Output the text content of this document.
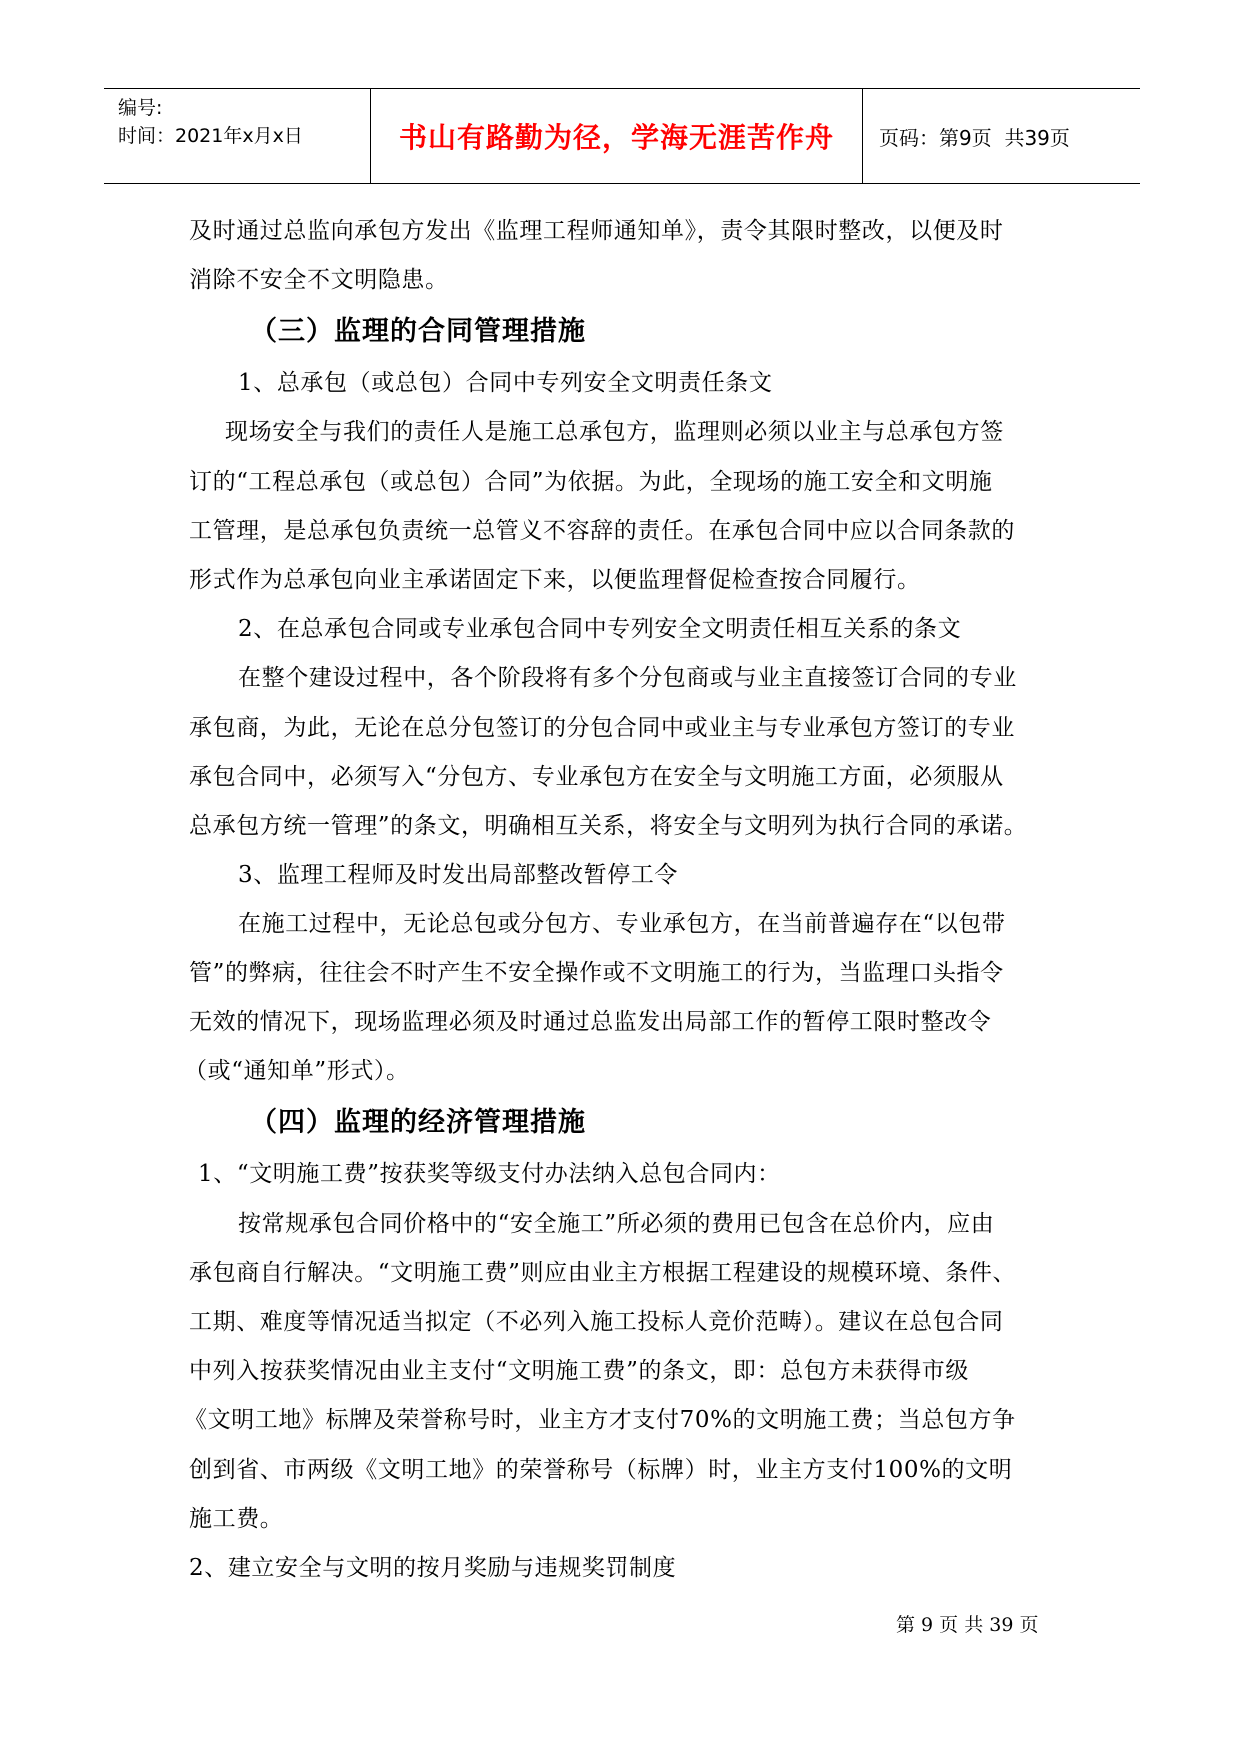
编号:
时间：2021年x月x日	书山有路勤为径，学海无涯苦作舟 页码：第9页  共39页
及时通过总监向承包方发出《监理工程师通知单》，责令其限时整改，以便及时
消除不安全不文明隐患。
（三）监理的合同管理措施
1、总承包（或总包）合同中专列安全文明责任条文
现场安全与我们的责任人是施工总承包方，监理则必须以业主与总承包方签
订的“工程总承包（或总包）合同”为依据。为此，全现场的施工安全和文明施
工管理，是总承包负责统一总管义不容辞的责任。在承包合同中应以合同条款的
形式作为总承包向业主承诺固定下来，以便监理督促检查按合同履行。
2、在总承包合同或专业承包合同中专列安全文明责任相互关系的条文
在整个建设过程中，各个阶段将有多个分包商或与业主直接签订合同的专业
承包商，为此，无论在总分包签订的分包合同中或业主与专业承包方签订的专业
承包合同中，必须写入“分包方、专业承包方在安全与文明施工方面，必须服从
总承包方统一管理”的条文，明确相互关系，将安全与文明列为执行合同的承诺。
3、监理工程师及时发出局部整改暂停工令
在施工过程中，无论总包或分包方、专业承包方，在当前普遍存在“以包带
管”的弊病，往往会不时产生不安全操作或不文明施工的行为，当监理口头指令
无效的情况下，现场监理必须及时通过总监发出局部工作的暂停工限时整改令
（或“通知单”形式）。
（四）监理的经济管理措施
1、“文明施工费”按获奖等级支付办法纳入总包合同内：
按常规承包合同价格中的“安全施工”所必须的费用已包含在总价内，应由
承包商自行解决。“文明施工费”则应由业主方根据工程建设的规模环境、条件、
工期、难度等情况适当拟定（不必列入施工投标人竞价范畴）。建议在总包合同
中列入按获奖情况由业主支付“文明施工费”的条文，即：总包方未获得市级
《文明工地》标牌及荣誉称号时，业主方才支付70%的文明施工费；当总包方争
创到省、市两级《文明工地》的荣誉称号（标牌）时，业主方支付100%的文明
施工费。
2、建立安全与文明的按月奖励与违规奖罚制度
第 9 页 共 39 页
